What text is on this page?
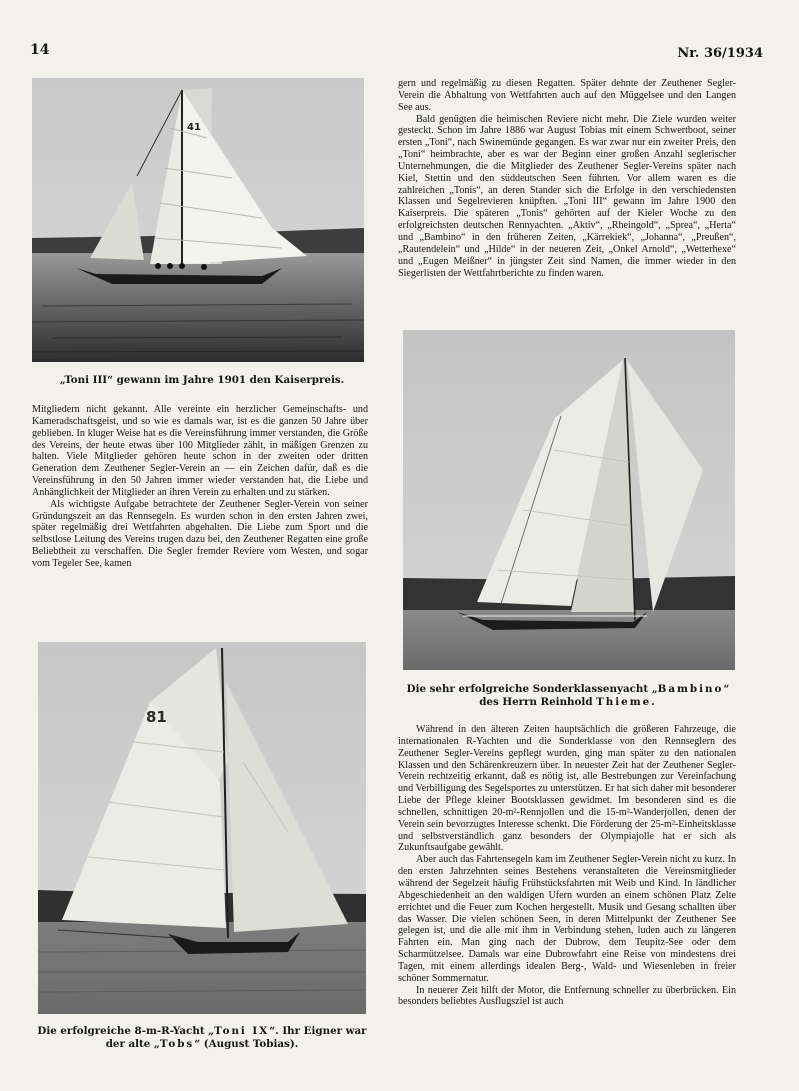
14	Nr. 36/1934
41
„Toni III“ gewann im Jahre 1901 den Kaiserpreis.

Mitgliedern nicht gekannt. Alle vereinte ein herzlicher Gemeinschafts- und Kameradschaftsgeist, und so wie es damals war, ist es die ganzen 50 Jahre über geblieben. In kluger Weise hat es die Vereinsführung immer verstanden, die Größe des Vereins, der heute etwas über 100 Mitglieder zählt, in mäßigen Grenzen zu halten. Viele Mitglieder gehören heute schon in der zweiten oder dritten Generation dem Zeuthener Segler-Verein an — ein Zeichen dafür, daß es die Vereinsführung in den 50 Jahren immer wieder verstanden hat, die Liebe und Anhänglichkeit der Mitglieder an ihren Verein zu erhalten und zu stärken.

Als wichtigste Aufgabe betrachtete der Zeuthener Segler-Verein von seiner Gründungszeit an das Rennsegeln. Es wurden schon in den ersten Jahren zwei, später regelmäßig drei Wettfahrten abgehalten. Die Liebe zum Sport und die selbstlose Leitung des Vereins trugen dazu bei, den Zeuthener Regatten eine große Beliebtheit zu verschaffen. Die Segler fremder Reviere vom Westen, und sogar vom Tegeler See, kamen

81
Die erfolgreiche 8-m-R-Yacht „Toni IX“. Ihr Eigner war der alte „Tobs“ (August Tobias).

gern und regelmäßig zu diesen Regatten. Später dehnte der Zeuthener Segler-Verein die Abhaltung von Wettfahrten auch auf den Müggelsee und den Langen See aus.

Bald genügten die heimischen Reviere nicht mehr. Die Ziele wurden weiter gesteckt. Schon im Jahre 1886 war August Tobias mit einem Schwertboot, seiner ersten „Toni“, nach Swinemünde gegangen. Es war zwar nur ein zweiter Preis, den „Toni“ heimbrachte, aber es war der Beginn einer großen Anzahl seglerischer Unternehmungen, die die Mitglieder des Zeuthener Segler-Vereins später nach Kiel, Stettin und den süddeutschen Seen führten. Vor allem waren es die zahlreichen „Tonis“, an deren Stander sich die Erfolge in den verschiedensten Klassen und Segelrevieren knüpften. „Toni III“ gewann im Jahre 1900 den Kaiserpreis. Die späteren „Tonis“ gehörten auf der Kieler Woche zu den erfolgreichsten deutschen Rennyachten. „Aktiv“, „Rheingold“, „Sprea“, „Herta“ und „Bambino“ in den früheren Zeiten, „Kärrekiek“, „Johanna“, „Preußen“, „Rautendelein“ und „Hilde“ in der neueren Zeit, „Onkel Arnold“, „Wetterhexe“ und „Eugen Meißner“ in jüngster Zeit sind Namen, die immer wieder in den Siegerlisten der Wettfahrtberichte zu finden waren.

Die sehr erfolgreiche Sonderklassenyacht „Bambino“ des Herrn Reinhold Thieme.

Während in den älteren Zeiten hauptsächlich die größeren Fahrzeuge, die internationalen R-Yachten und die Sonderklasse von den Rennseglern des Zeuthener Segler-Vereins gepflegt wurden, ging man später zu den nationalen Klassen und den Schärenkreuzern über. In neuester Zeit hat der Zeuthener Segler-Verein rechtzeitig erkannt, daß es nötig ist, alle Bestrebungen zur Vereinfachung und Verbilligung des Segelsportes zu unterstützen. Er hat sich daher mit besonderer Liebe der Pflege kleiner Bootsklassen gewidmet. Im besonderen sind es die schnellen, schnittigen 20-m²-Rennjollen und die 15-m²-Wanderjollen, denen der Verein sein bevorzugtes Interesse schenkt. Die Förderung der 25-m²-Einheitsklasse und selbstverständlich ganz besonders der Olympiajolle hat er sich als Zukunftsaufgabe gewählt.

Aber auch das Fahrtensegeln kam im Zeuthener Segler-Verein nicht zu kurz. In den ersten Jahrzehnten seines Bestehens veranstalteten die Vereinsmitglieder während der Segelzeit häufig Frühstücksfahrten mit Weib und Kind. In ländlicher Abgeschiedenheit an den waldigen Ufern wurden an einem schönen Platz Zelte errichtet und die Feuer zum Kochen hergestellt. Musik und Gesang schallten über das Wasser. Die vielen schönen Seen, in deren Mittelpunkt der Zeuthener See gelegen ist, und die alle mit ihm in Verbindung stehen, luden auch zu längeren Fahrten ein. Man ging nach der Dubrow, dem Teupitz-See oder dem Scharmützelsee. Damals war eine Dubrowfahrt eine Reise von mindestens drei Tagen, mit einem allerdings idealen Berg-, Wald- und Wiesenleben in freier schöner Sommernatur.

In neuerer Zeit hilft der Motor, die Entfernung schneller zu überbrücken. Ein besonders beliebtes Ausflugsziel ist auch
